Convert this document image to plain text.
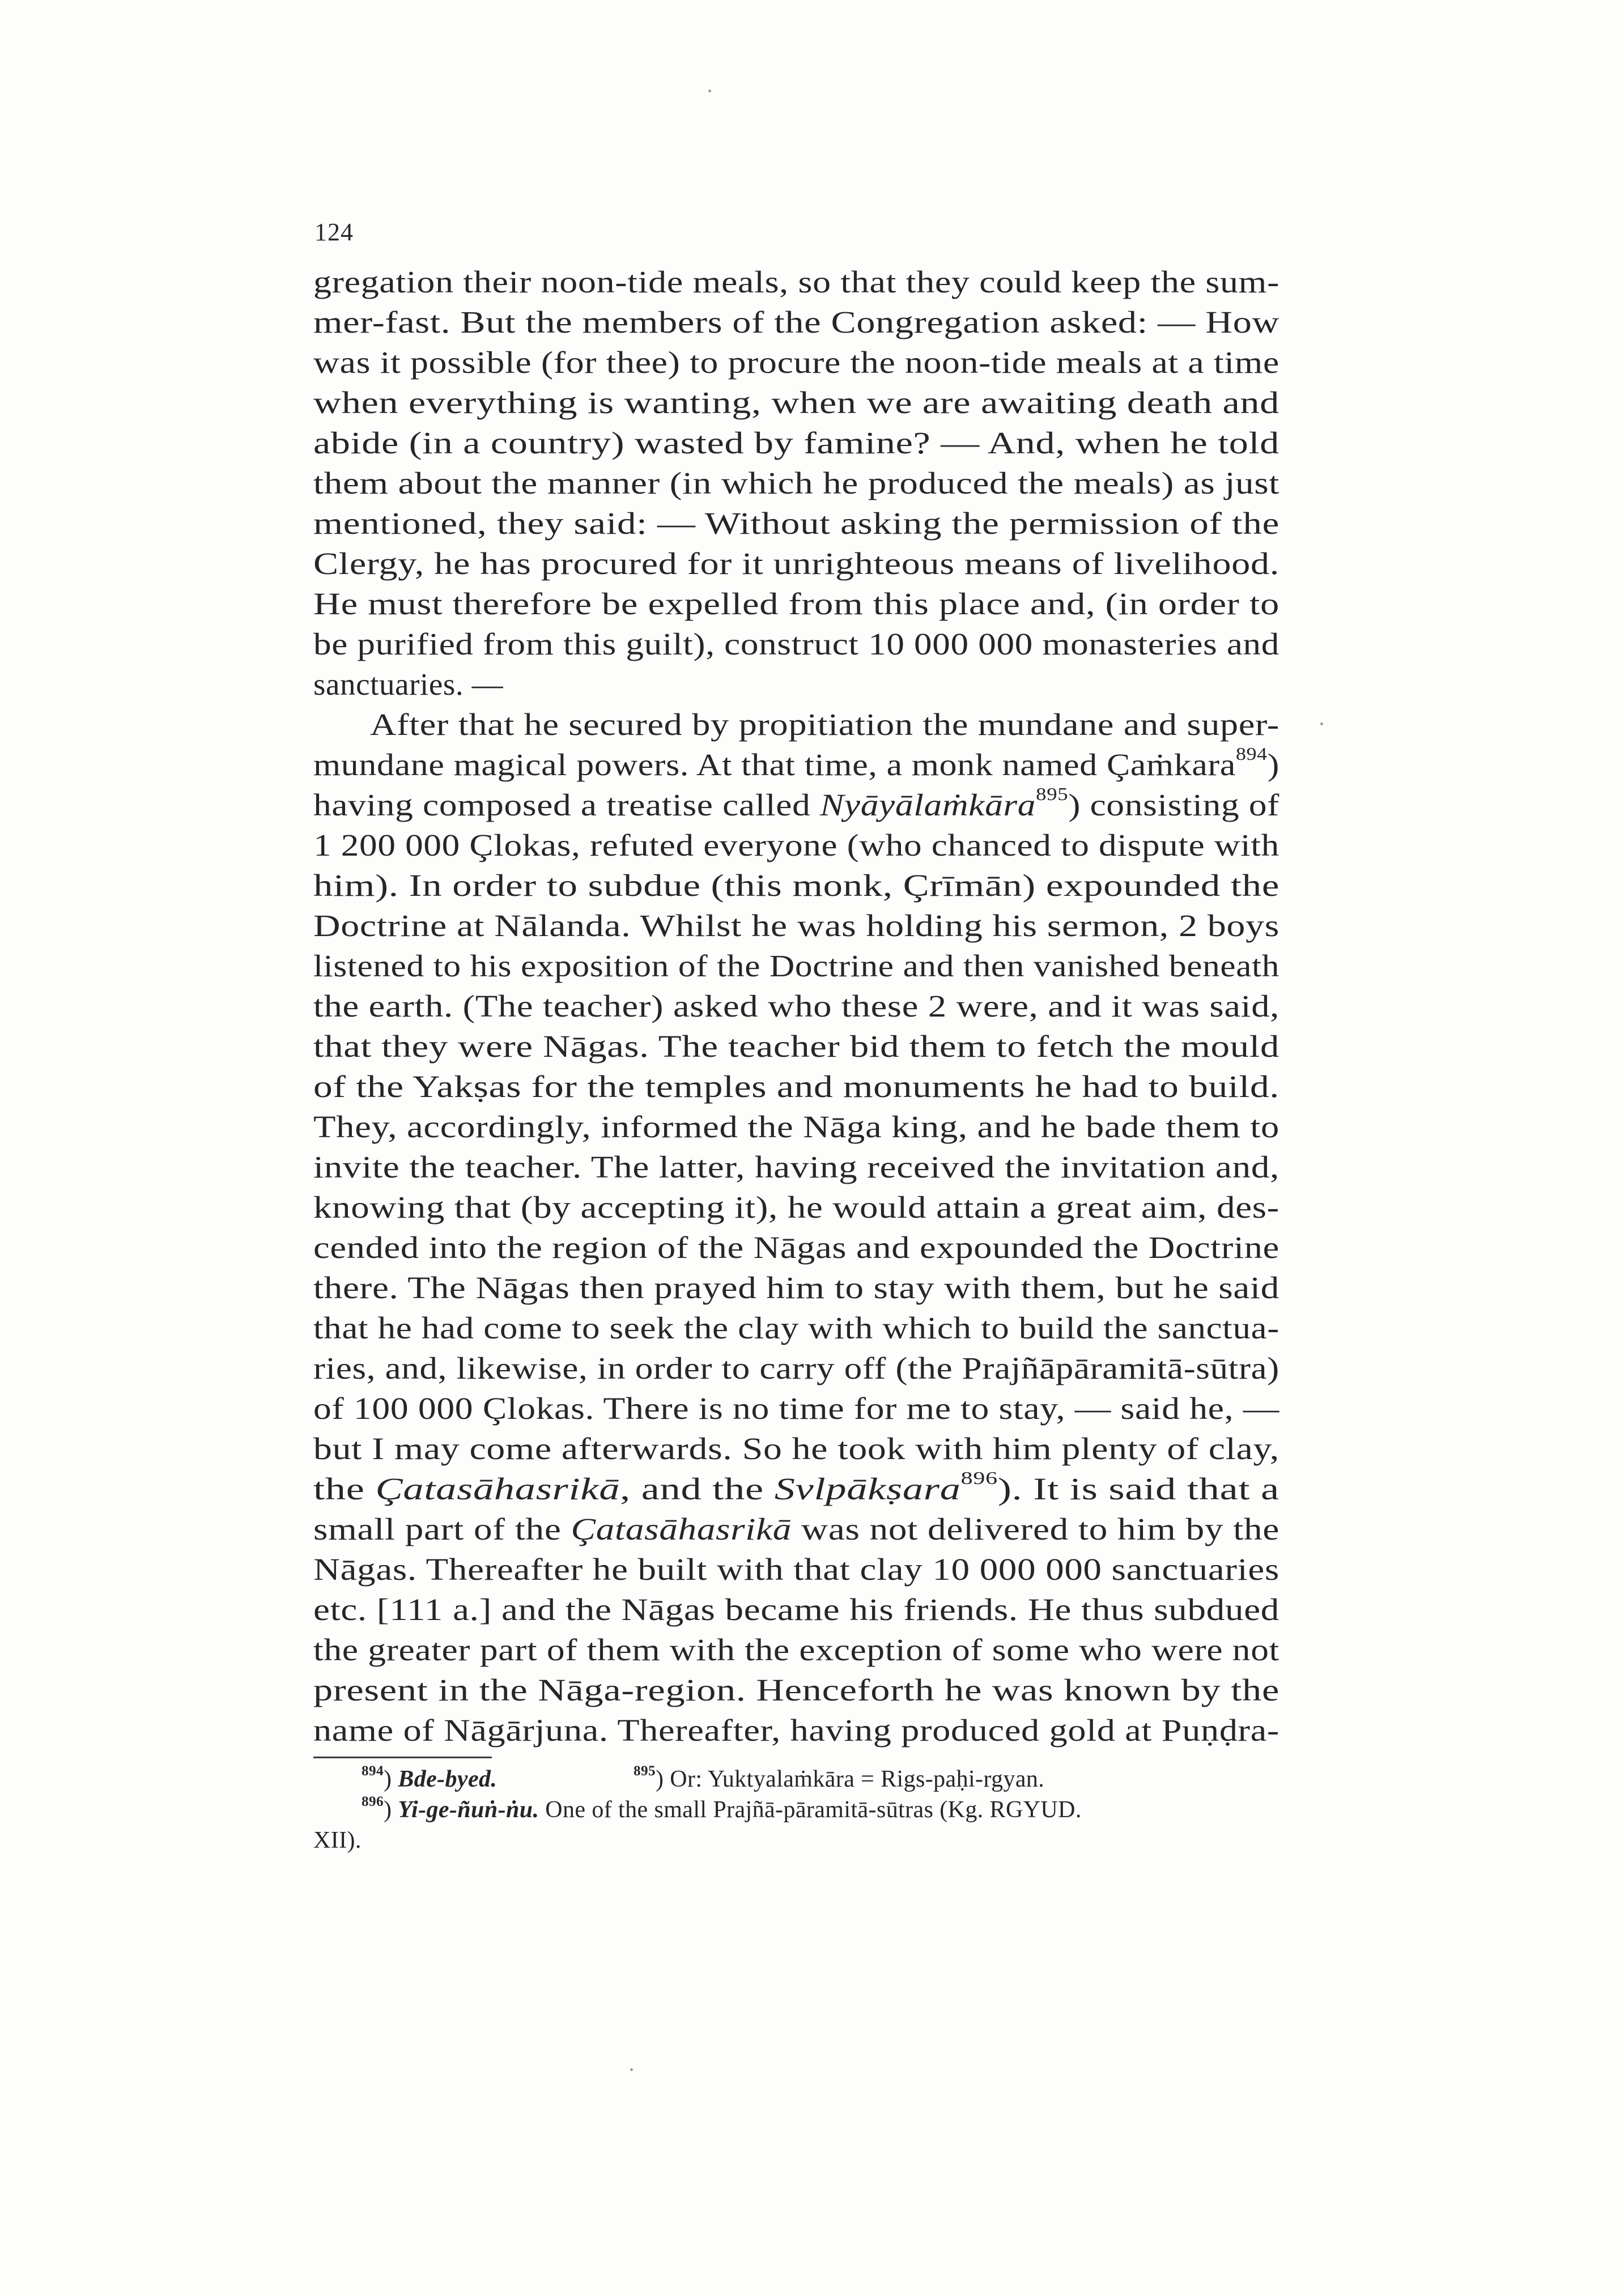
124
gregation their noon-tide meals, so that they could keep the sum-
mer-fast. But the members of the Congregation asked: — How
was it possible (for thee) to procure the noon-tide meals at a time
when everything is wanting, when we are awaiting death and
abide (in a country) wasted by famine? — And, when he told
them about the manner (in which he produced the meals) as just
mentioned, they said: — Without asking the permission of the
Clergy, he has procured for it unrighteous means of livelihood.
He must therefore be expelled from this place and, (in order to
be purified from this guilt), construct 10 000 000 monasteries and
sanctuaries. —
After that he secured by propitiation the mundane and super-
mundane magical powers. At that time, a monk named Çaṁkara$^{894}$)
having composed a treatise called Nyāyālaṁkāra$^{895}$) consisting of
1 200 000 Çlokas, refuted everyone (who chanced to dispute with
him). In order to subdue (this monk, Çrīmān) expounded the
Doctrine at Nālanda. Whilst he was holding his sermon, 2 boys
listened to his exposition of the Doctrine and then vanished beneath
the earth. (The teacher) asked who these 2 were, and it was said,
that they were Nāgas. The teacher bid them to fetch the mould
of the Yakṣas for the temples and monuments he had to build.
They, accordingly, informed the Nāga king, and he bade them to
invite the teacher. The latter, having received the invitation and,
knowing that (by accepting it), he would attain a great aim, des-
cended into the region of the Nāgas and expounded the Doctrine
there. The Nāgas then prayed him to stay with them, but he said
that he had come to seek the clay with which to build the sanctua-
ries, and, likewise, in order to carry off (the Prajñāpāramitā-sūtra)
of 100 000 Çlokas. There is no time for me to stay, — said he, —
but I may come afterwards. So he took with him plenty of clay,
the Çatasāhasrikā, and the Svlpākṣara$^{896}$). It is said that a
small part of the Çatasāhasrikā was not delivered to him by the
Nāgas. Thereafter he built with that clay 10 000 000 sanctuaries
etc. [111 a.] and the Nāgas became his friends. He thus subdued
the greater part of them with the exception of some who were not
present in the Nāga-region. Henceforth he was known by the
name of Nāgārjuna. Thereafter, having produced gold at Puṇḍra-
$^{894}$) Bde-byed.	$^{895}$) Or: Yuktyalaṁkāra = Rigs-paḥi-rgyan.
$^{896}$) Yi-ge-ñuṅ-ṅu. One of the small Prajñā-pāramitā-sūtras (Kg. RGYUD.
XII).
